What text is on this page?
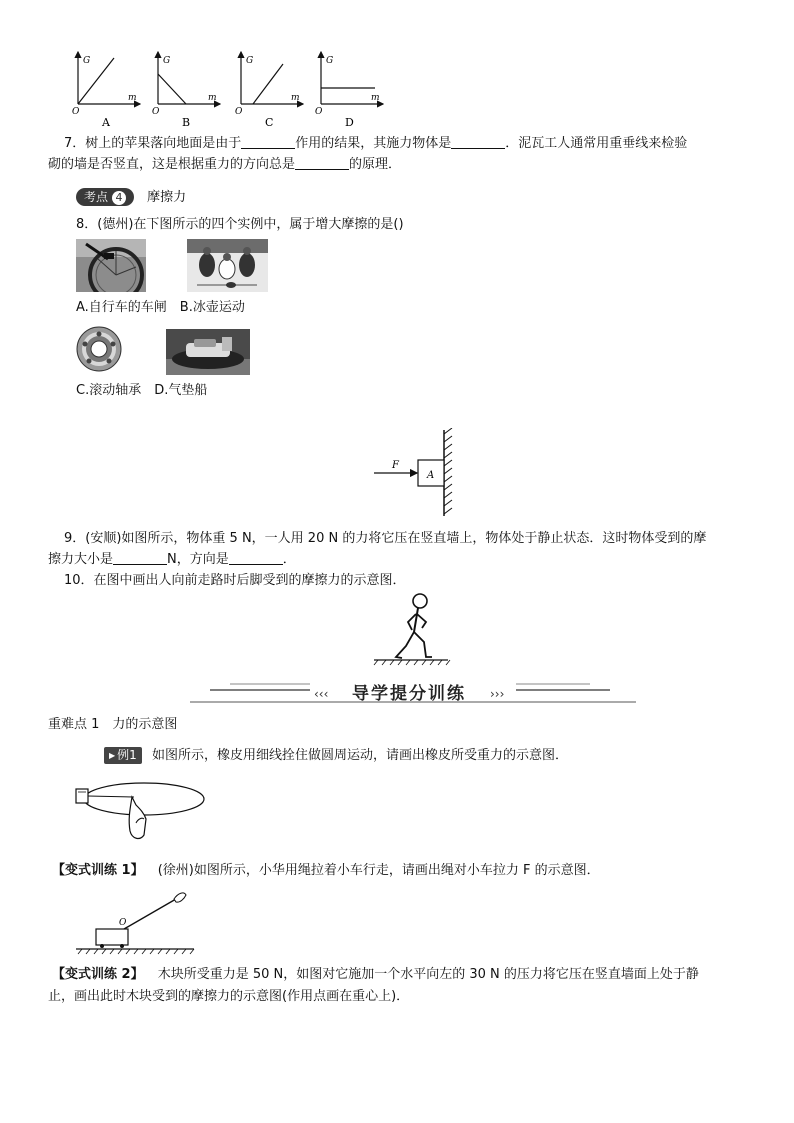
G
m
O
A
G
m
O
B
G
m
O
C
G
m
O
D
7．树上的苹果落向地面是由于	作用的结果，其施力物体是	．泥瓦工人通常用重垂线来检验
砌的墙是否竖直，这是根据重力的方向总是	的原理．
考点 4 摩擦力
8．(德州)在下图所示的四个实例中，属于增大摩擦的是()
A.自行车的车闸　B.冰壶运动
C.滚动轴承　D.气垫船
A
F
9．(安顺)如图所示，物体重 5 N，一人用 20 N 的力将它压在竖直墙上，物体处于静止状态．这时物体受到的摩
擦力大小是	N，方向是	．
10．在图中画出人向前走路时后脚受到的摩擦力的示意图．
‹‹‹	›››
导学提分训练
重难点 1　力的示意图
▶ 例1 如图所示，橡皮用细线拴住做圆周运动，请画出橡皮所受重力的示意图．
【变式训练 1】 (徐州)如图所示，小华用绳拉着小车行走，请画出绳对小车拉力 F 的示意图．
O
【变式训练 2】 木块所受重力是 50 N，如图对它施加一个水平向左的 30 N 的压力将它压在竖直墙面上处于静
止，画出此时木块受到的摩擦力的示意图(作用点画在重心上)．
